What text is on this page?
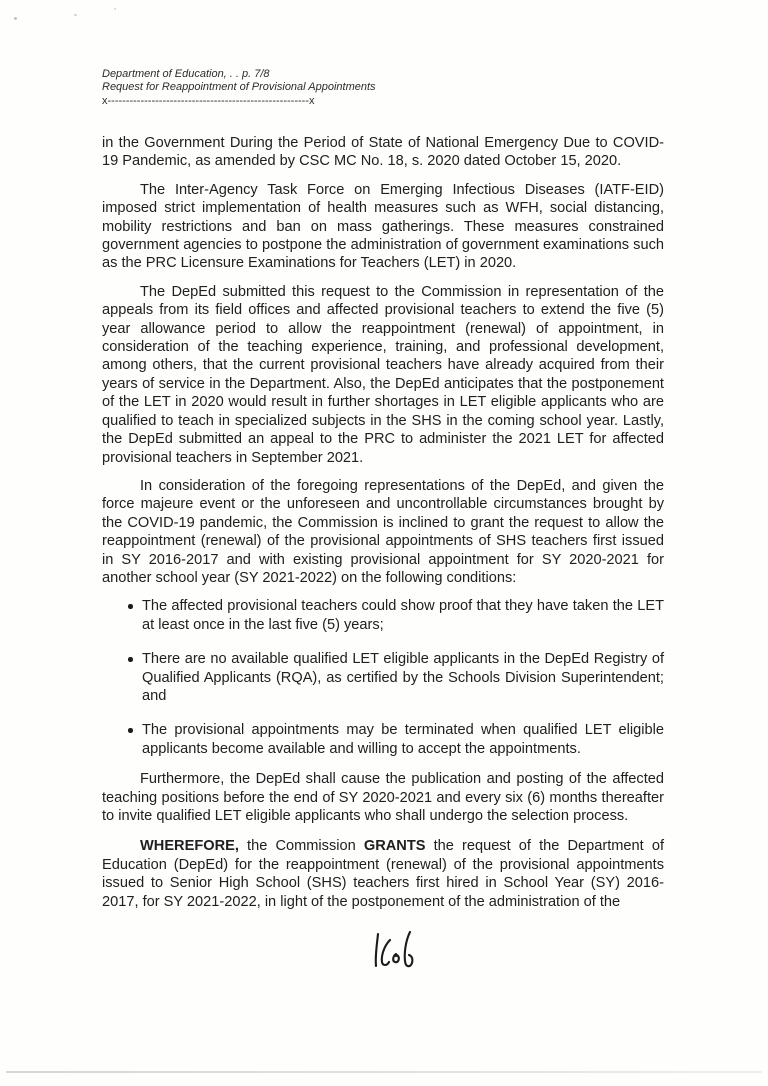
Department of Education, . . p. 7/8
Request for Reappointment of Provisional Appointments
x-------------------------------------------------------x

in the Government During the Period of State of National Emergency Due to COVID-19 Pandemic, as amended by CSC MC No. 18, s. 2020 dated October 15, 2020.

The Inter-Agency Task Force on Emerging Infectious Diseases (IATF-EID) imposed strict implementation of health measures such as WFH, social distancing, mobility restrictions and ban on mass gatherings. These measures constrained government agencies to postpone the administration of government examinations such as the PRC Licensure Examinations for Teachers (LET) in 2020.

The DepEd submitted this request to the Commission in representation of the appeals from its field offices and affected provisional teachers to extend the five (5) year allowance period to allow the reappointment (renewal) of appointment, in consideration of the teaching experience, training, and professional development, among others, that the current provisional teachers have already acquired from their years of service in the Department. Also, the DepEd anticipates that the postponement of the LET in 2020 would result in further shortages in LET eligible applicants who are qualified to teach in specialized subjects in the SHS in the coming school year. Lastly, the DepEd submitted an appeal to the PRC to administer the 2021 LET for affected provisional teachers in September 2021.

In consideration of the foregoing representations of the DepEd, and given the force majeure event or the unforeseen and uncontrollable circumstances brought by the COVID-19 pandemic, the Commission is inclined to grant the request to allow the reappointment (renewal) of the provisional appointments of SHS teachers first issued in SY 2016-2017 and with existing provisional appointment for SY 2020-2021 for another school year (SY 2021-2022) on the following conditions:

The affected provisional teachers could show proof that they have taken the LET at least once in the last five (5) years;
There are no available qualified LET eligible applicants in the DepEd Registry of Qualified Applicants (RQA), as certified by the Schools Division Superintendent; and
The provisional appointments may be terminated when qualified LET eligible applicants become available and willing to accept the appointments.

Furthermore, the DepEd shall cause the publication and posting of the affected teaching positions before the end of SY 2020-2021 and every six (6) months thereafter to invite qualified LET eligible applicants who shall undergo the selection process.

WHEREFORE, the Commission GRANTS the request of the Department of Education (DepEd) for the reappointment (renewal) of the provisional appointments issued to Senior High School (SHS) teachers first hired in School Year (SY) 2016-2017, for SY 2021-2022, in light of the postponement of the administration of the
